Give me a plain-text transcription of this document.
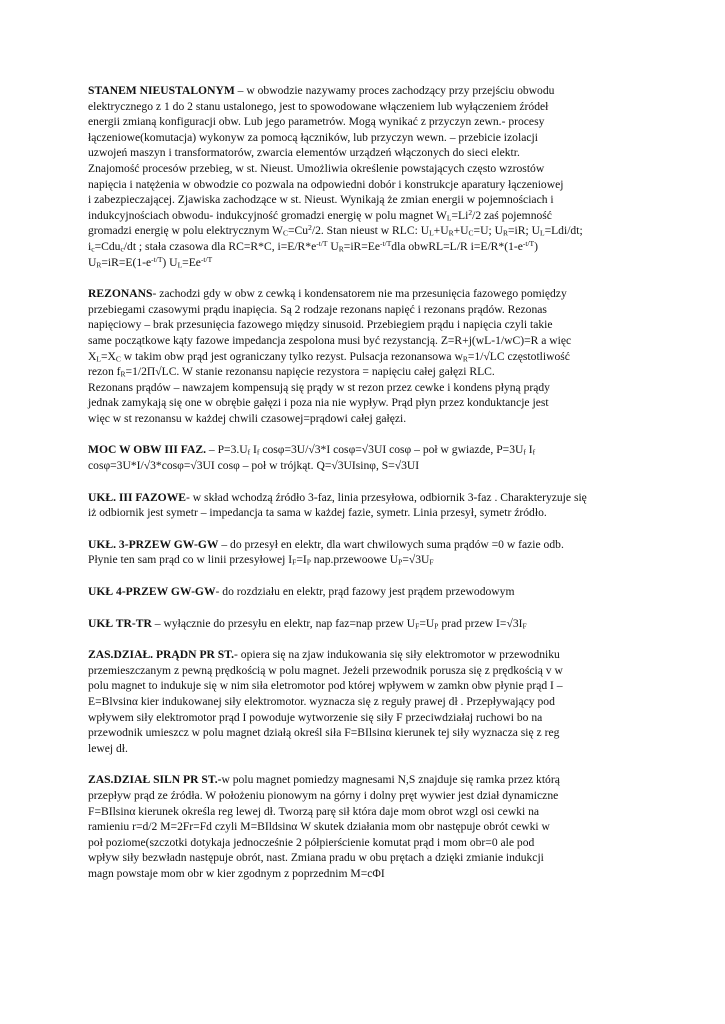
STANEM NIEUSTALONYM – w obwodzie nazywamy proces zachodzący przy przejściu obwodu
elektrycznego z 1 do 2 stanu ustalonego, jest to spowodowane włączeniem lub wyłączeniem źródeł
energii zmianą konfiguracji obw. Lub jego parametrów. Mogą wynikać z przyczyn zewn.- procesy
łączeniowe(komutacja) wykonyw za pomocą łączników, lub przyczyn wewn. – przebicie izolacji
uzwojeń maszyn i transformatorów, zwarcia elementów urządzeń włączonych do sieci elektr.
Znajomość procesów przebieg, w st. Nieust. Umożliwia określenie powstających często wzrostów
napięcia i natężenia w obwodzie co pozwala na odpowiedni dobór i konstrukcje aparatury łączeniowej
i zabezpieczającej. Zjawiska zachodzące w st. Nieust. Wynikają że zmian energii w pojemnościach i
indukcyjnościach obwodu- indukcyjność gromadzi energię w polu magnet $W_L=Li^2/2$ zaś pojemność
gromadzi energię w polu elektrycznym $W_C=Cu^2/2$. Stan nieust w RLC: $U_L+U_R+U_C=U$; $U_R=iR$; $U_L=Ldi/dt$;
$i_c=Cdu_c/dt$ ; stała czasowa dla RC=R*C, $i=E/R*e^{-t/T}$ $U_R=iR=Ee^{-t/T}dla$ obwRL=L/R $i=E/R*(1-e^{-t/T})$
$U_R=iR=E(1-e^{-t/T})$ $U_L=Ee^{-t/T}$

REZONANS- zachodzi gdy w obw z cewką i kondensatorem nie ma przesunięcia fazowego pomiędzy
przebiegami czasowymi prądu inapięcia. Są 2 rodzaje rezonans napięć i rezonans prądów. Rezonas
napięciowy – brak przesunięcia fazowego między sinusoid. Przebiegiem prądu i napięcia czyli takie
same początkowe kąty fazowe impedancja zespolona musi być rezystancją. Z=R+j(wL-1/wC)=R a więc
$X_L=X_C$ w takim obw prąd jest ograniczany tylko rezyst. Pulsacja rezonansowa $w_R=1/√LC$ częstotliwość
rezon $f_R=1/2\Pi√LC$. W stanie rezonansu napięcie rezystora = napięciu całej gałęzi RLC.
Rezonans prądów – nawzajem kompensują się prądy w st rezon przez cewke i kondens płyną prądy
jednak zamykają się one w obrębie gałęzi i poza nia nie wypływ. Prąd płyn przez konduktancje jest
więc w st rezonansu w każdej chwili czasowej=prądowi całej gałęzi.

MOC W OBW III FAZ. – $P=3.U_f$ $I_f$ cosφ=3U/√3*I cosφ=√3UI cosφ – poł w gwiazde, $P=3U_f$ $I_f$
cosφ=3U*I/√3*cosφ=√3UI cosφ – poł w trójkąt. Q=√3UIsinφ, S=√3UI

UKŁ. III FAZOWE- w skład wchodzą źródło 3-faz, linia przesyłowa, odbiornik 3-faz . Charakteryzuje się
iż odbiornik jest symetr – impedancja ta sama w każdej fazie, symetr. Linia przesył, symetr źródło.

UKŁ. 3-PRZEW GW-GW – do przesył en elektr, dla wart chwilowych suma prądów =0 w fazie odb.
Płynie ten sam prąd co w linii przesyłowej $I_F=I_P$ nap.przewoowe $U_P=√3U_F$

UKŁ 4-PRZEW GW-GW- do rozdziału en elektr, prąd fazowy jest prądem przewodowym

UKŁ TR-TR – wyłącznie do przesyłu en elektr, nap faz=nap przew $U_F=U_P$ prad przew $I=√3I_F$

ZAS.DZIAŁ. PRĄDN PR ST.- opiera się na zjaw indukowania się siły elektromotor w przewodniku
przemieszczanym z pewną prędkością w polu magnet. Jeżeli przewodnik porusza się z prędkością v w
polu magnet to indukuje się w nim siła eletromotor pod której wpływem w zamkn obw płynie prąd I –
E=Blvsinα kier indukowanej siły elektromotor. wyznacza się z reguły prawej dł . Przepływający pod
wpływem siły elektromotor prąd I powoduje wytworzenie się siły F przeciwdziałaj ruchowi bo na
przewodnik umieszcz w polu magnet działą określ siła F=BIlsinα kierunek tej siły wyznacza się z reg
lewej dł.

ZAS.DZIAŁ SILN PR ST.-w polu magnet pomiedzy magnesami N,S znajduje się ramka przez którą
przepływ prąd ze źródła. W położeniu pionowym na górny i dolny pręt wywier jest dział dynamiczne
F=BIlsinα kierunek określa reg lewej dł. Tworzą parę sił która daje mom obrot wzgl osi cewki na
ramieniu r=d/2 M=2Fr=Fd czyli M=BIldsinα W skutek działania mom obr następuje obrót cewki w
poł poziome(szczotki dotykaja jednocześnie 2 półpierścienie komutat prąd i mom obr=0 ale pod
wpływ siły bezwładn następuje obrót, nast. Zmiana pradu w obu prętach a dzięki zmianie indukcji
magn powstaje mom obr w kier zgodnym z poprzednim M=cΦI
